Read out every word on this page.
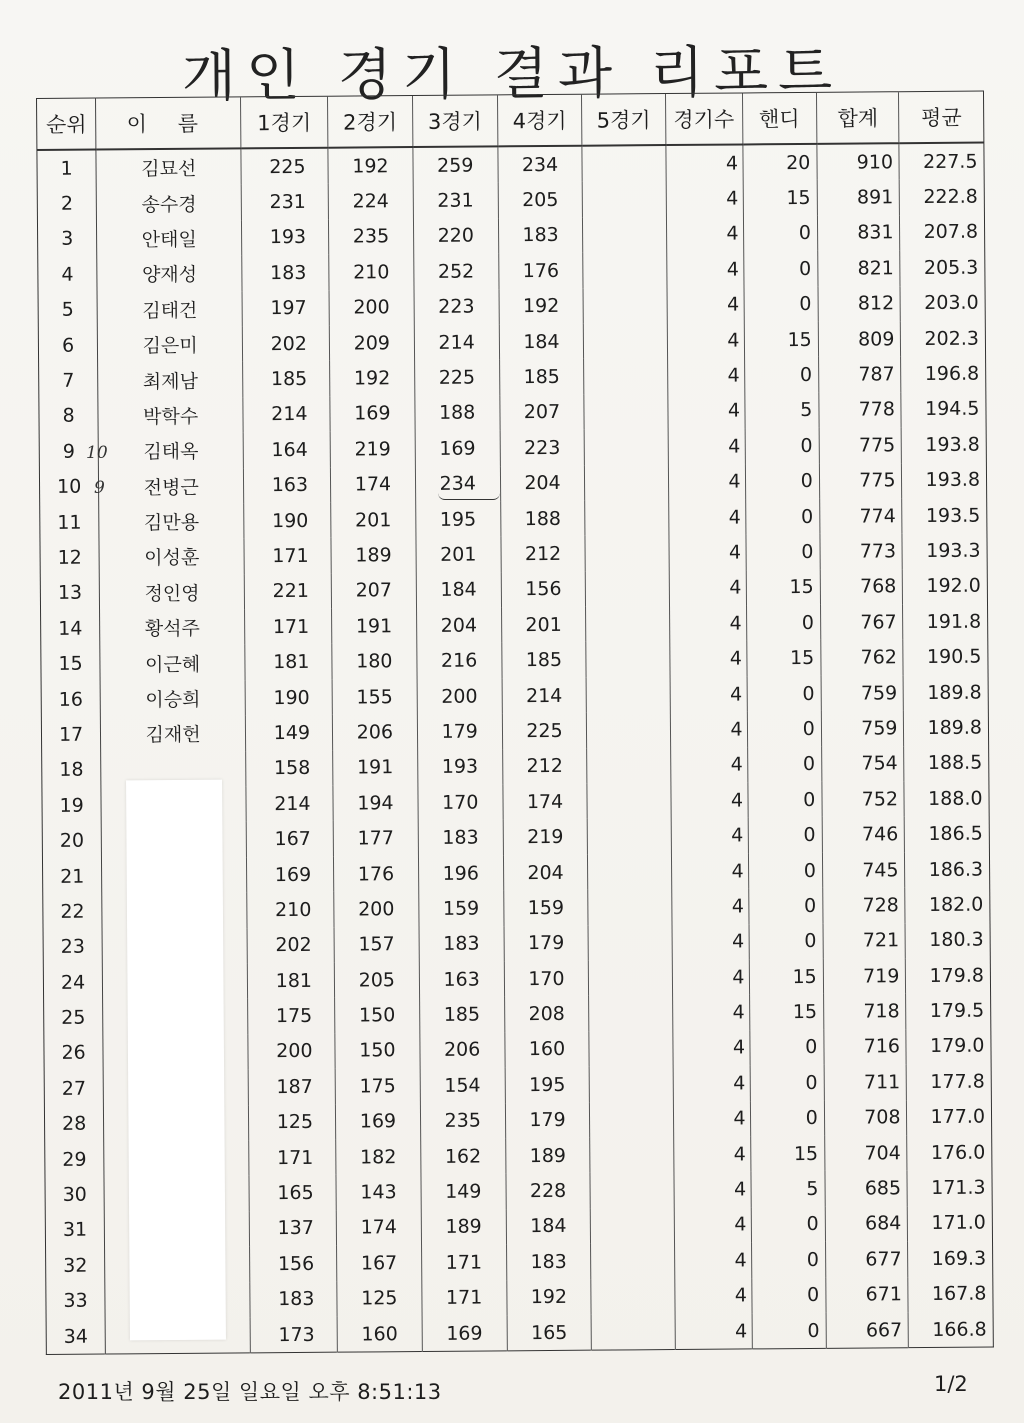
개인 경기 결과 리포트
순위	이 름	1경기	2경기	3경기	4경기	5경기	경기수	핸디	합계	평균
1	김묘선	225	192	259	234		4	20	910	227.5
2	송수경	231	224	231	205		4	15	891	222.8
3	안태일	193	235	220	183		4	0	831	207.8
4	양재성	183	210	252	176		4	0	821	205.3
5	김태건	197	200	223	192		4	0	812	203.0
6	김은미	202	209	214	184		4	15	809	202.3
7	최제남	185	192	225	185		4	0	787	196.8
8	박학수	214	169	188	207		4	5	778	194.5
9	김태옥	164	219	169	223		4	0	775	193.8
10	전병근	163	174	234	204		4	0	775	193.8
11	김만용	190	201	195	188		4	0	774	193.5
12	이성훈	171	189	201	212		4	0	773	193.3
13	정인영	221	207	184	156		4	15	768	192.0
14	황석주	171	191	204	201		4	0	767	191.8
15	이근혜	181	180	216	185		4	15	762	190.5
16	이승희	190	155	200	214		4	0	759	189.8
17	김재헌	149	206	179	225		4	0	759	189.8
18		158	191	193	212		4	0	754	188.5
19		214	194	170	174		4	0	752	188.0
20		167	177	183	219		4	0	746	186.5
21		169	176	196	204		4	0	745	186.3
22		210	200	159	159		4	0	728	182.0
23		202	157	183	179		4	0	721	180.3
24		181	205	163	170		4	15	719	179.8
25		175	150	185	208		4	15	718	179.5
26		200	150	206	160		4	0	716	179.0
27		187	175	154	195		4	0	711	177.8
28		125	169	235	179		4	0	708	177.0
29		171	182	162	189		4	15	704	176.0
30		165	143	149	228		4	5	685	171.3
31		137	174	189	184		4	0	684	171.0
32		156	167	171	183		4	0	677	169.3
33		183	125	171	192		4	0	671	167.8
34		173	160	169	165		4	0	667	166.8
10
9
2011년 9월 25일 일요일 오후 8:51:13	1/2
